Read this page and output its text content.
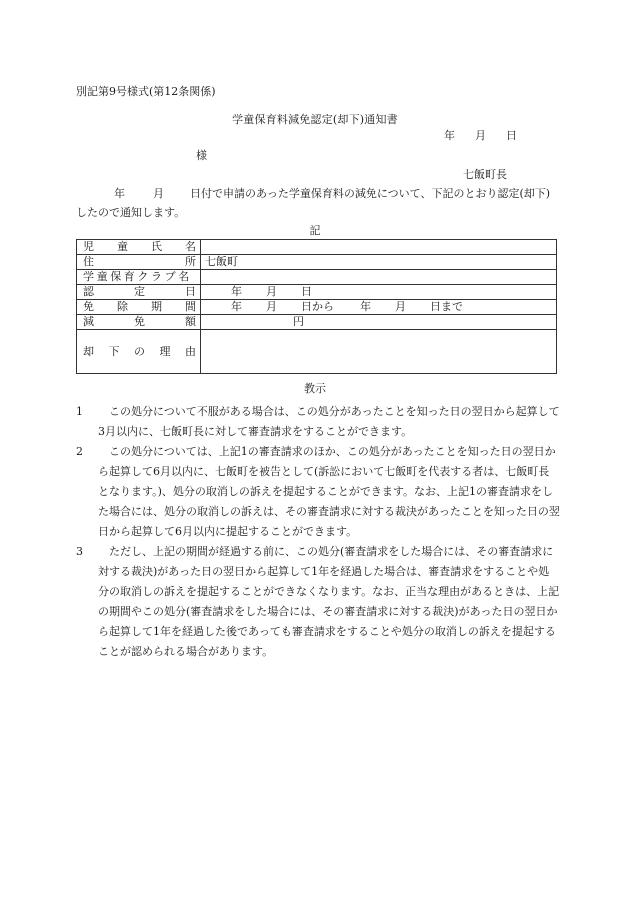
別記第9号様式(第12条関係)
学童保育料減免認定(却下)通知書
年 月 日
様
七飯町長
年	月 日付で申請のあった学童保育料の減免について、下記のとおり認定(却下)したので通知します。
記
児 童 氏 名	

住 所	七飯町
学童保育クラブ名	

認 定 日	年 月 日

免 除 期 間	年 月 日から 年 月 日まで

減 免 額	円

却 下 の 理 由	

教示
1	この処分について不服がある場合は、この処分があったことを知った日の翌日から起算して3月以内に、七飯町長に対して審査請求をすることができます。
2	この処分については、上記1の審査請求のほか、この処分があったことを知った日の翌日から起算して6月以内に、七飯町を被告として(訴訟において七飯町を代表する者は、七飯町長となります。)、処分の取消しの訴えを提起することができます。なお、上記1の審査請求をした場合には、処分の取消しの訴えは、その審査請求に対する裁決があったことを知った日の翌日から起算して6月以内に提起することができます。
3	ただし、上記の期間が経過する前に、この処分(審査請求をした場合には、その審査請求に対する裁決)があった日の翌日から起算して1年を経過した場合は、審査請求をすることや処分の取消しの訴えを提起することができなくなります。なお、正当な理由があるときは、上記の期間やこの処分(審査請求をした場合には、その審査請求に対する裁決)があった日の翌日から起算して1年を経過した後であっても審査請求をすることや処分の取消しの訴えを提起することが認められる場合があります。
